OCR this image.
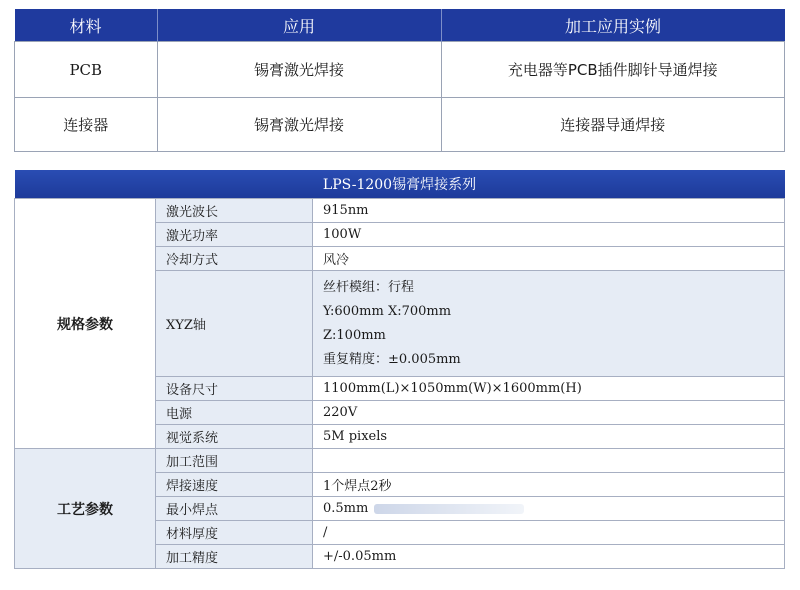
材料	应用	加工应用实例
PCB	锡膏激光焊接	充电器等PCB插件脚针导通焊接
连接器	锡膏激光焊接	连接器导通焊接
LPS-1200锡膏焊接系列		
规格参数	激光波长	915nm
	激光功率	100W
	冷却方式	风冷
	XYZ轴	丝杆模组：行程
Y:600mm X:700mm
Z:100mm
重复精度：±0.005mm

	设备尺寸	1100mm(L)×1050mm(W)×1600mm(H)
	电源	220V
	视觉系统	5M pixels
工艺参数	加工范围	
	焊接速度	1个焊点2秒
	最小焊点	0.5mm
	材料厚度	/
	加工精度	+/-0.05mm
